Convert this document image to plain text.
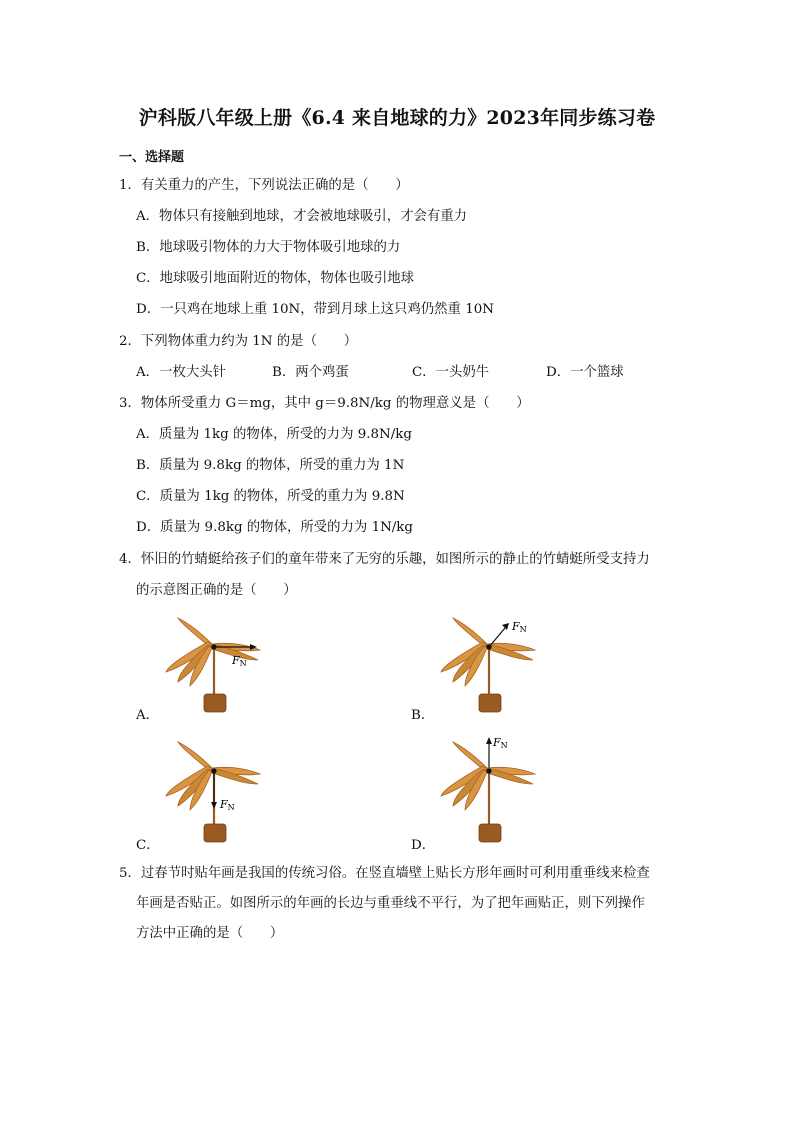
沪科版八年级上册《6.4 来自地球的力》2023年同步练习卷
一、选择题
1．有关重力的产生，下列说法正确的是（　　）
A．物体只有接触到地球，才会被地球吸引，才会有重力
B．地球吸引物体的力大于物体吸引地球的力
C．地球吸引地面附近的物体，物体也吸引地球
D．一只鸡在地球上重 10N，带到月球上这只鸡仍然重 10N
2．下列物体重力约为 1N 的是（　　）
A．一枚大头针	B．两个鸡蛋	C．一头奶牛	D．一个篮球
3．物体所受重力 G＝mg，其中 g＝9.8N/kg 的物理意义是（　　）
A．质量为 1kg 的物体，所受的力为 9.8N/kg
B．质量为 9.8kg 的物体，所受的重力为 1N
C．质量为 1kg 的物体，所受的重力为 9.8N
D．质量为 9.8kg 的物体，所受的力为 1N/kg
4．怀旧的竹蜻蜓给孩子们的童年带来了无穷的乐趣，如图所示的静止的竹蜻蜓所受支持力
的示意图正确的是（　　）
FN
A．
FN
B．
FN
C．
FN
D．
5．过春节时贴年画是我国的传统习俗。在竖直墙壁上贴长方形年画时可利用重垂线来检查
年画是否贴正。如图所示的年画的长边与重垂线不平行，为了把年画贴正，则下列操作
方法中正确的是（　　）
